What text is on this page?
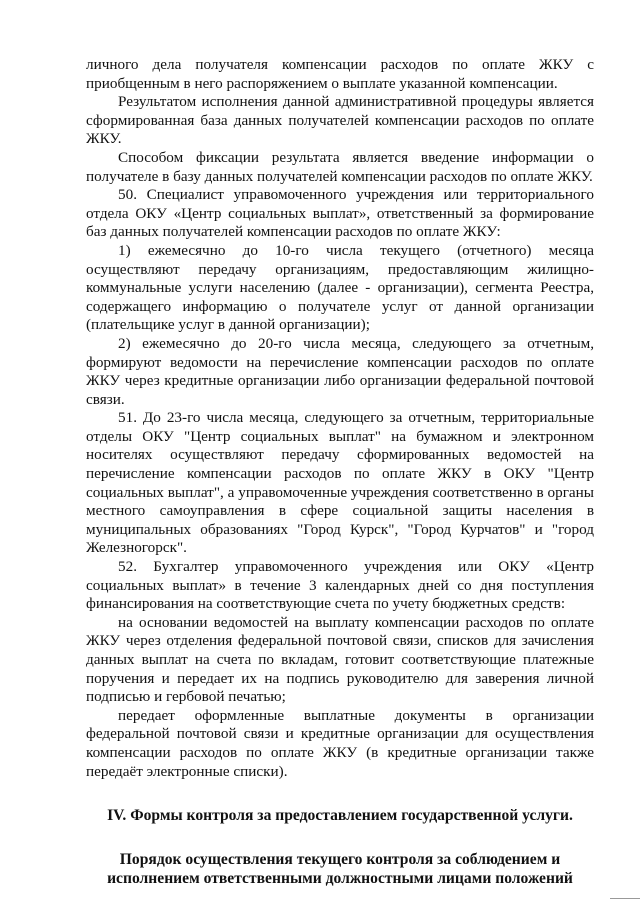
личного дела получателя компенсации расходов по оплате ЖКУ с приобщенным в него распоряжением о выплате указанной компенсации.

Результатом исполнения данной административной процедуры является сформированная база данных получателей компенсации расходов по оплате ЖКУ.

Способом фиксации результата является введение информации о получателе в базу данных получателей компенсации расходов по оплате ЖКУ.

50. Специалист управомоченного учреждения или территориального отдела ОКУ «Центр социальных выплат», ответственный за формирование баз данных получателей компенсации расходов по оплате ЖКУ:

1) ежемесячно до 10-го числа текущего (отчетного) месяца осуществляют передачу организациям, предоставляющим жилищно-коммунальные услуги населению (далее - организации), сегмента Реестра, содержащего информацию о получателе услуг от данной организации (плательщике услуг в данной организации);

2) ежемесячно до 20-го числа месяца, следующего за отчетным, формируют ведомости на перечисление компенсации расходов по оплате ЖКУ через кредитные организации либо организации федеральной почтовой связи.

51. До 23-го числа месяца, следующего за отчетным, территориальные отделы ОКУ "Центр социальных выплат" на бумажном и электронном носителях осуществляют передачу сформированных ведомостей на перечисление компенсации расходов по оплате ЖКУ в ОКУ "Центр социальных выплат", а управомоченные учреждения соответственно в органы местного самоуправления в сфере социальной защиты населения в муниципальных образованиях "Город Курск", "Город Курчатов" и "город Железногорск".

52. Бухгалтер управомоченного учреждения или ОКУ «Центр социальных выплат» в течение 3 календарных дней со дня поступления финансирования на соответствующие счета по учету бюджетных средств:

на основании ведомостей на выплату компенсации расходов по оплате ЖКУ через отделения федеральной почтовой связи, списков для зачисления данных выплат на счета по вкладам, готовит соответствующие платежные поручения и передает их на подпись руководителю для заверения личной подписью и гербовой печатью;

передает оформленные выплатные документы в организации федеральной почтовой связи и кредитные организации для осуществления компенсации расходов по оплате ЖКУ (в кредитные организации также передаёт электронные списки).

IV. Формы контроля за предоставлением государственной услуги.

Порядок осуществления текущего контроля за соблюдением и
исполнением ответственными должностными лицами положений
